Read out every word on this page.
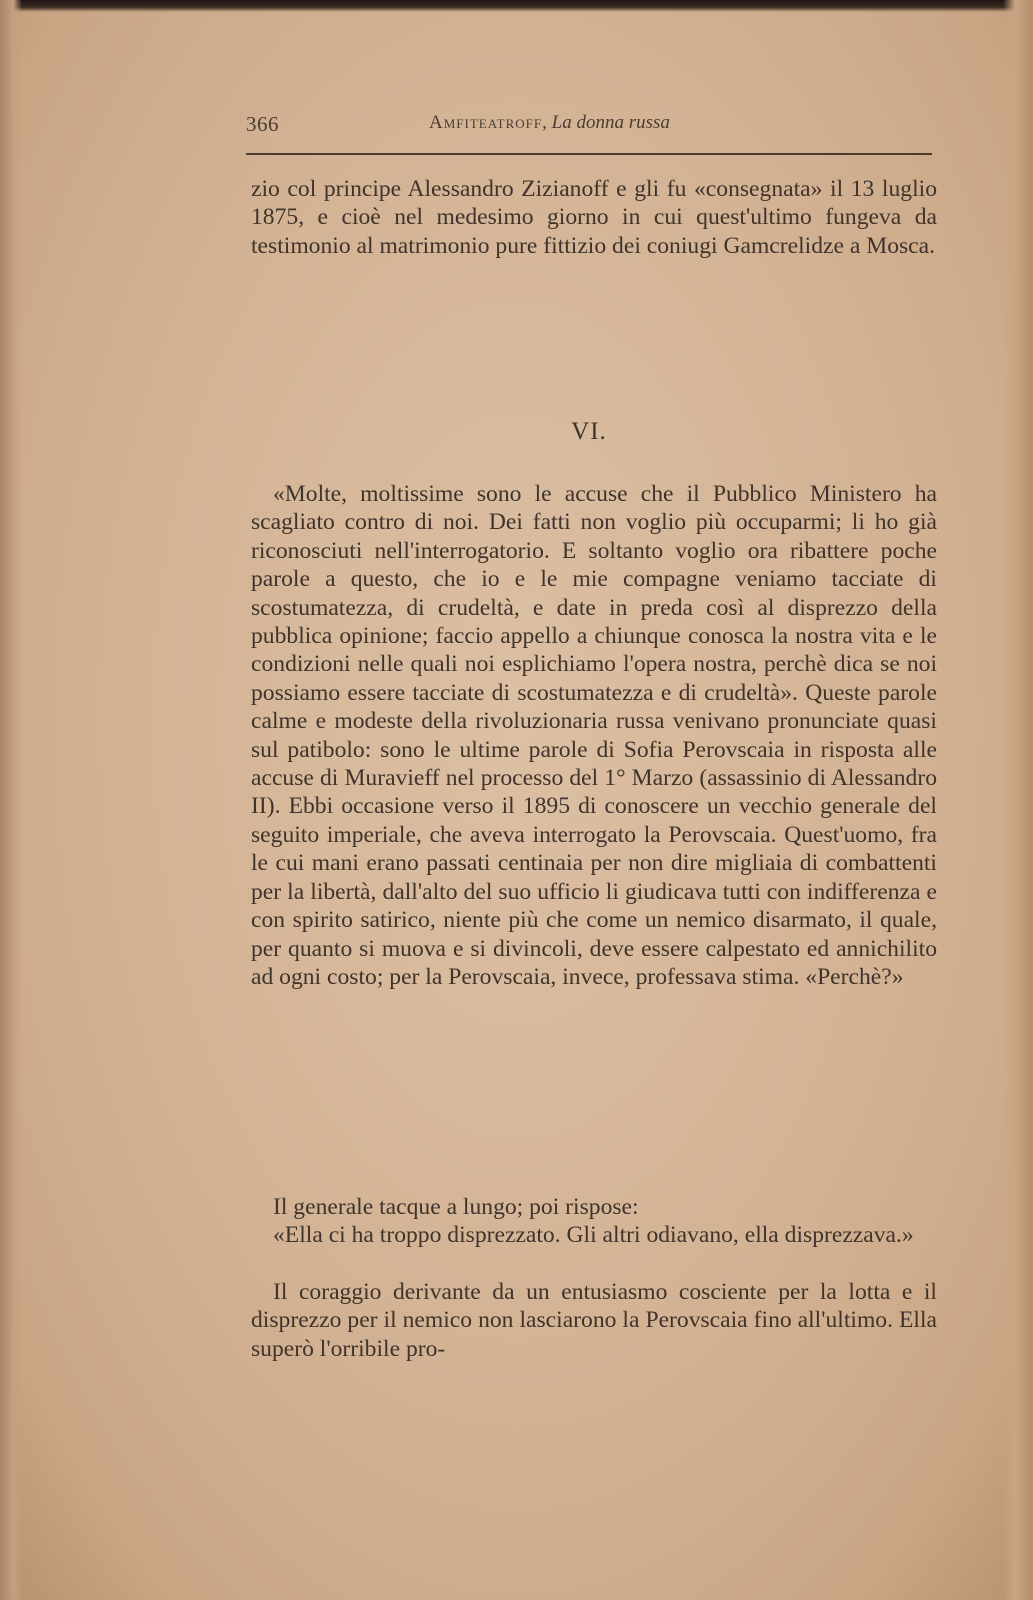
366	Amfiteatroff, La donna russa

zio col principe Alessandro Zizianoff e gli fu «consegnata» il 13 luglio 1875, e cioè nel medesimo giorno in cui quest'ultimo fungeva da testimonio al matrimonio pure fittizio dei coniugi Gamcrelidze a Mosca.

VI.

«Molte, moltissime sono le accuse che il Pubblico Ministero ha scagliato contro di noi. Dei fatti non voglio più occuparmi; li ho già riconosciuti nell'interrogatorio. E soltanto voglio ora ribattere poche parole a questo, che io e le mie compagne veniamo tacciate di scostumatezza, di crudeltà, e date in preda così al disprezzo della pubblica opinione; faccio appello a chiunque conosca la nostra vita e le condizioni nelle quali noi esplichiamo l'opera nostra, perchè dica se noi possiamo essere tacciate di scostumatezza e di crudeltà». Queste parole calme e modeste della rivoluzionaria russa venivano pronunciate quasi sul patibolo: sono le ultime parole di Sofia Perovscaia in risposta alle accuse di Muravieff nel processo del 1° Marzo (assassinio di Alessandro II). Ebbi occasione verso il 1895 di conoscere un vecchio generale del seguito imperiale, che aveva interrogato la Perovscaia. Quest'uomo, fra le cui mani erano passati centinaia per non dire migliaia di combattenti per la libertà, dall'alto del suo ufficio li giudicava tutti con indifferenza e con spirito satirico, niente più che come un nemico disarmato, il quale, per quanto si muova e si divincoli, deve essere calpestato ed annichilito ad ogni costo; per la Perovscaia, invece, professava stima. «Perchè?»

Il generale tacque a lungo; poi rispose:

«Ella ci ha troppo disprezzato. Gli altri odiavano, ella disprezzava.»

Il coraggio derivante da un entusiasmo cosciente per la lotta e il disprezzo per il nemico non lasciarono la Perovscaia fino all'ultimo. Ella superò l'orribile pro-
